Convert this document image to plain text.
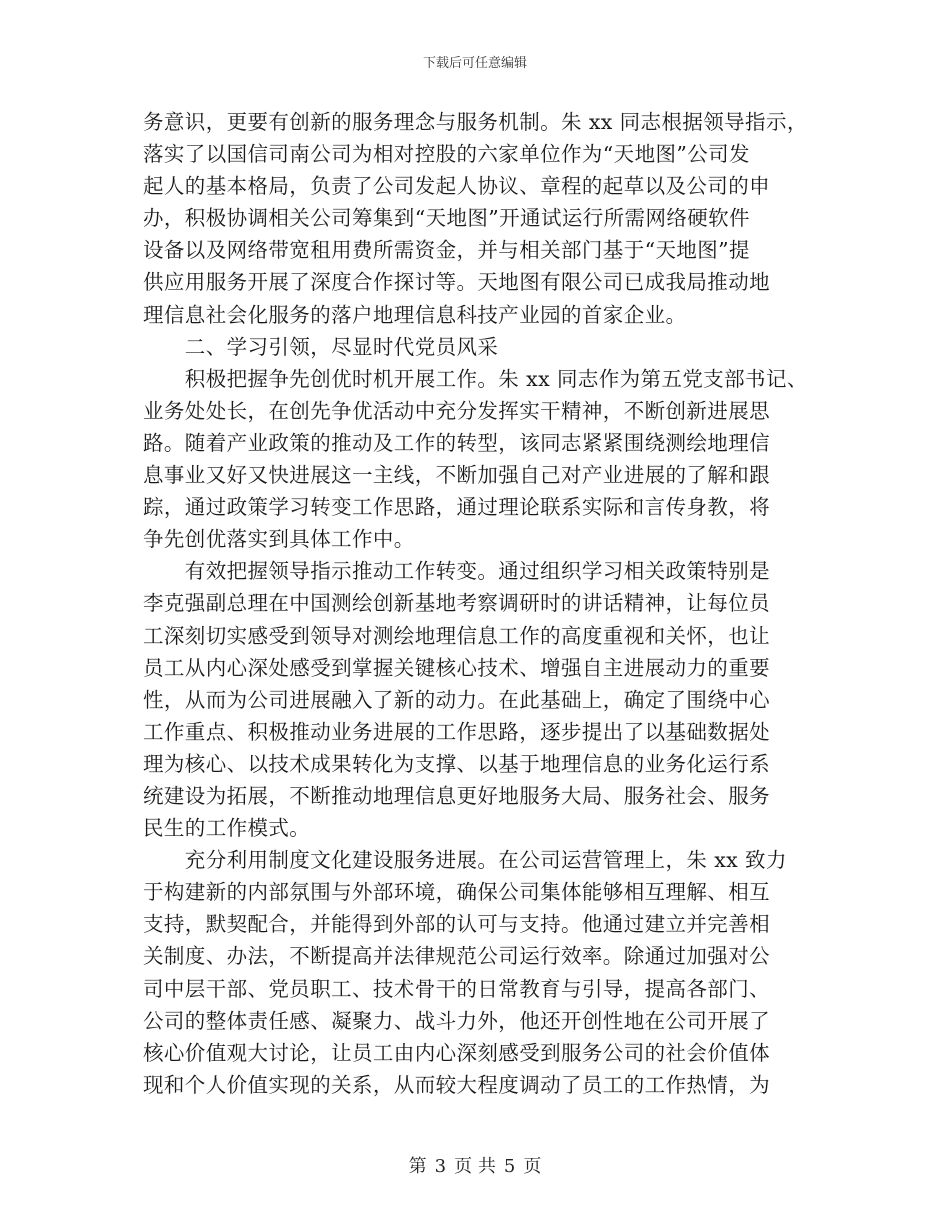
下载后可任意编辑
务意识，更要有创新的服务理念与服务机制。朱 xx 同志根据领导指示，
落实了以国信司南公司为相对控股的六家单位作为“天地图”公司发
起人的基本格局，负责了公司发起人协议、章程的起草以及公司的申
办，积极协调相关公司筹集到“天地图”开通试运行所需网络硬软件
设备以及网络带宽租用费所需资金，并与相关部门基于“天地图”提
供应用服务开展了深度合作探讨等。天地图有限公司已成我局推动地
理信息社会化服务的落户地理信息科技产业园的首家企业。
　　二、学习引领，尽显时代党员风采
　　积极把握争先创优时机开展工作。朱 xx 同志作为第五党支部书记、
业务处处长，在创先争优活动中充分发挥实干精神，不断创新进展思
路。随着产业政策的推动及工作的转型，该同志紧紧围绕测绘地理信
息事业又好又快进展这一主线，不断加强自己对产业进展的了解和跟
踪，通过政策学习转变工作思路，通过理论联系实际和言传身教，将
争先创优落实到具体工作中。
　　有效把握领导指示推动工作转变。通过组织学习相关政策特别是
李克强副总理在中国测绘创新基地考察调研时的讲话精神，让每位员
工深刻切实感受到领导对测绘地理信息工作的高度重视和关怀，也让
员工从内心深处感受到掌握关键核心技术、增强自主进展动力的重要
性，从而为公司进展融入了新的动力。在此基础上，确定了围绕中心
工作重点、积极推动业务进展的工作思路，逐步提出了以基础数据处
理为核心、以技术成果转化为支撑、以基于地理信息的业务化运行系
统建设为拓展，不断推动地理信息更好地服务大局、服务社会、服务
民生的工作模式。
　　充分利用制度文化建设服务进展。在公司运营管理上，朱 xx 致力
于构建新的内部氛围与外部环境，确保公司集体能够相互理解、相互
支持，默契配合，并能得到外部的认可与支持。他通过建立并完善相
关制度、办法，不断提高并法律规范公司运行效率。除通过加强对公
司中层干部、党员职工、技术骨干的日常教育与引导，提高各部门、
公司的整体责任感、凝聚力、战斗力外，他还开创性地在公司开展了
核心价值观大讨论，让员工由内心深刻感受到服务公司的社会价值体
现和个人价值实现的关系，从而较大程度调动了员工的工作热情，为
第 3 页 共 5 页
